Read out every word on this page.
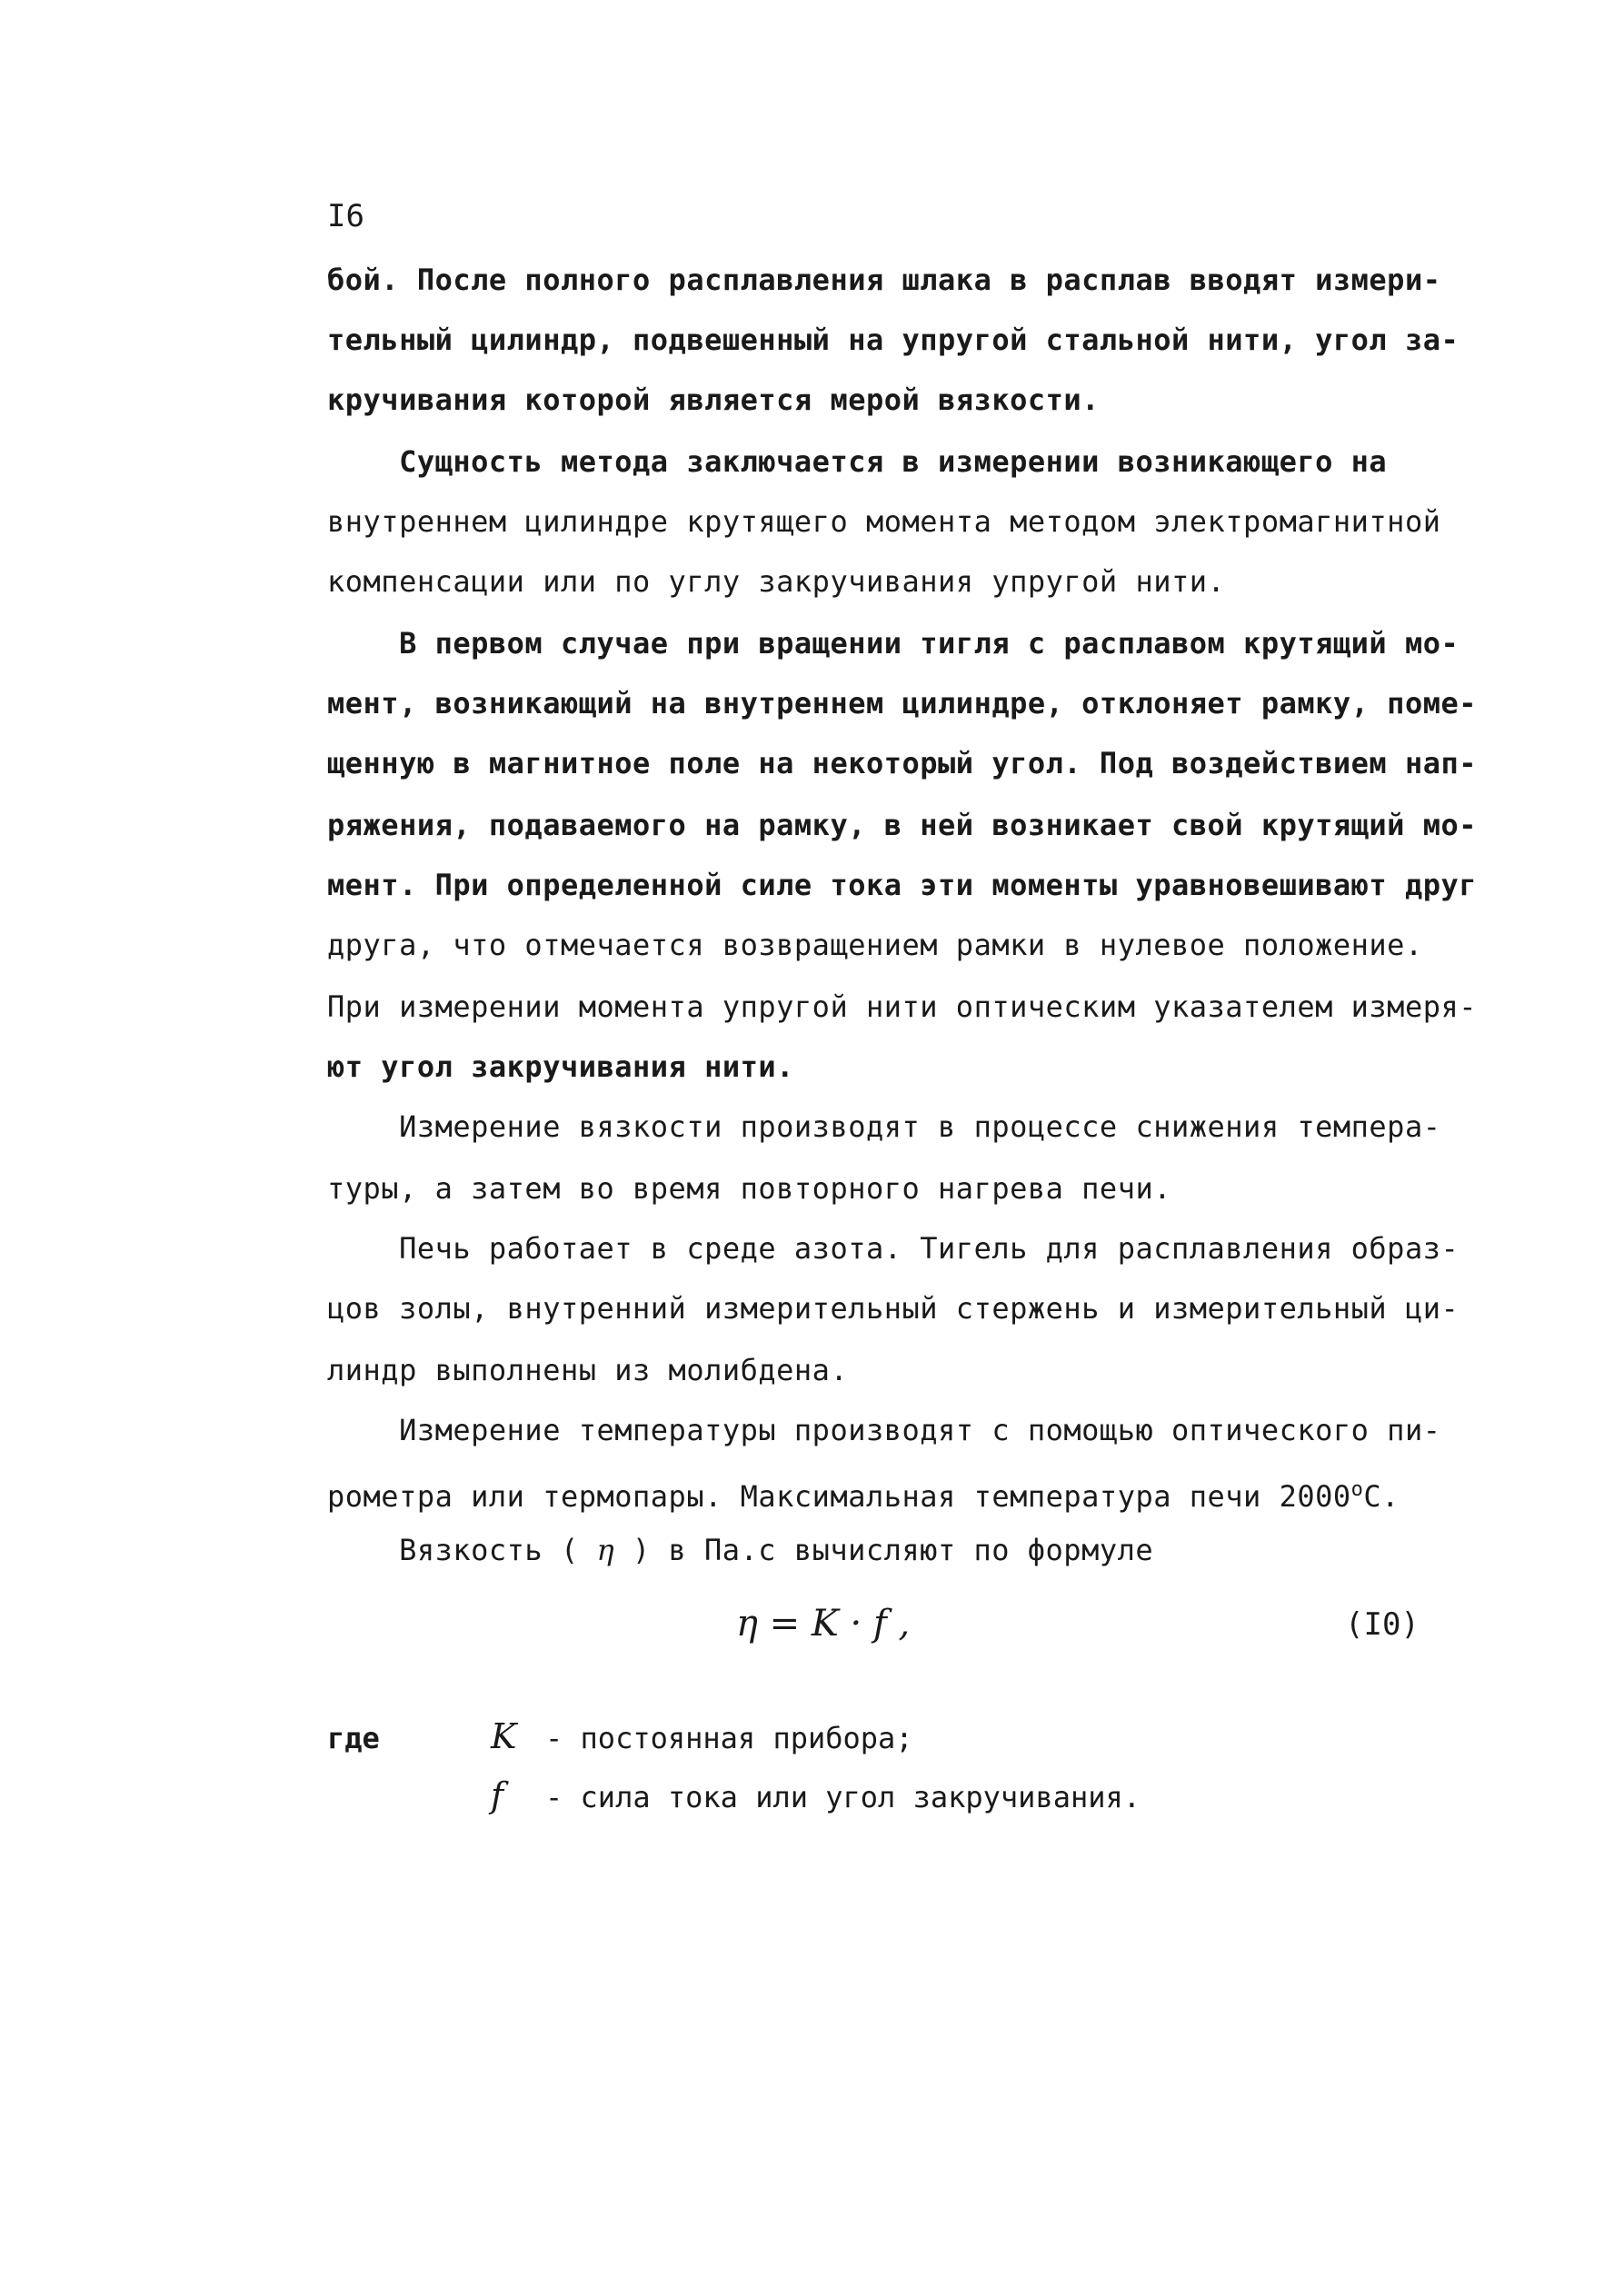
I6
бой. После полного расплавления шлака в расплав вводят измери-
тельный цилиндр, подвешенный на упругой стальной нити, угол за-
кручивания которой является мерой вязкости.
Сущность метода заключается в измерении возникающего на
внутреннем цилиндре крутящего момента методом электромагнитной
компенсации или по углу закручивания упругой нити.
В первом случае при вращении тигля с расплавом крутящий мо-
мент, возникающий на внутреннем цилиндре, отклоняет рамку, поме-
щенную в магнитное поле на некоторый угол. Под воздействием нап-
ряжения, подаваемого на рамку, в ней возникает свой крутящий мо-
мент. При определенной силе тока эти моменты уравновешивают друг
друга, что отмечается возвращением рамки в нулевое положение.
При измерении момента упругой нити оптическим указателем измеря-
ют угол закручивания нити.
Измерение вязкости производят в процессе снижения темпера-
туры, а затем во время повторного нагрева печи.
Печь работает в среде азота. Тигель для расплавления образ-
цов золы, внутренний измерительный стержень и измерительный ци-
линдр выполнены из молибдена.
Измерение температуры производят с помощью оптического пи-
рометра или термопары. Максимальная температура печи 2000$^o$С.
Вязкость ( η ) в Па.с вычисляют по формуле
η = K · f ,	(I0)
где	K - постоянная прибора;
f - сила тока или угол закручивания.
